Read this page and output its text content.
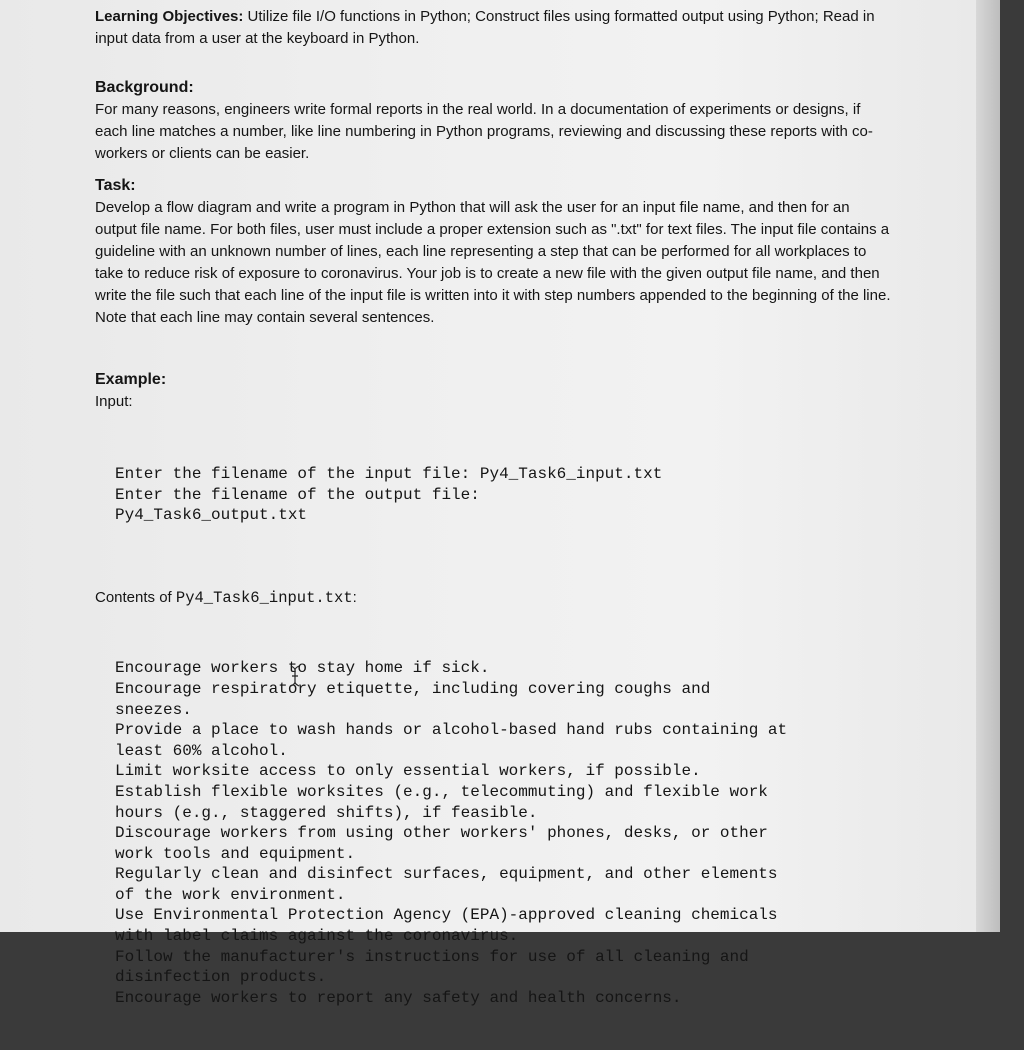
Learning Objectives: Utilize file I/O functions in Python; Construct files using formatted output using Python; Read in input data from a user at the keyboard in Python.

Background:

For many reasons, engineers write formal reports in the real world. In a documentation of experiments or designs, if each line matches a number, like line numbering in Python programs, reviewing and discussing these reports with co-workers or clients can be easier.

Task:

Develop a flow diagram and write a program in Python that will ask the user for an input file name, and then for an output file name. For both files, user must include a proper extension such as ".txt" for text files. The input file contains a guideline with an unknown number of lines, each line representing a step that can be performed for all workplaces to take to reduce risk of exposure to coronavirus. Your job is to create a new file with the given output file name, and then write the file such that each line of the input file is written into it with step numbers appended to the beginning of the line. Note that each line may contain several sentences.

Example:

Input:

Enter the filename of the input file: Py4_Task6_input.txt
Enter the filename of the output file:
Py4_Task6_output.txt

Contents of Py4_Task6_input.txt:

Encourage workers to stay home if sick.
Encourage respiratory etiquette, including covering coughs and
sneezes.
Provide a place to wash hands or alcohol-based hand rubs containing at
least 60% alcohol.
Limit worksite access to only essential workers, if possible.
Establish flexible worksites (e.g., telecommuting) and flexible work
hours (e.g., staggered shifts), if feasible.
Discourage workers from using other workers' phones, desks, or other
work tools and equipment.
Regularly clean and disinfect surfaces, equipment, and other elements
of the work environment.
Use Environmental Protection Agency (EPA)-approved cleaning chemicals
with label claims against the coronavirus.
Follow the manufacturer's instructions for use of all cleaning and
disinfection products.
Encourage workers to report any safety and health concerns.
